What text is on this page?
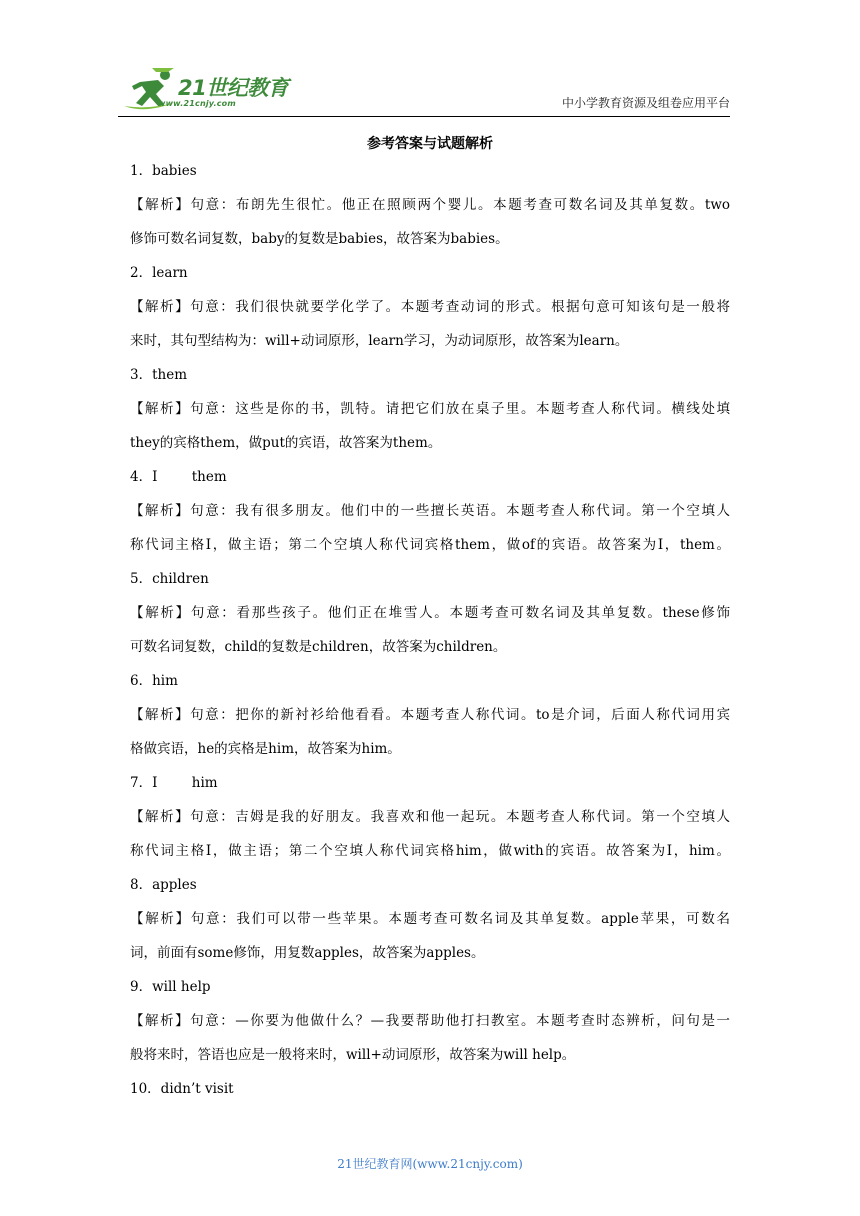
21世纪教育
www.21cnjy.com	中小学教育资源及组卷应用平台
参考答案与试题解析
1．babies
【解析】句意：布朗先生很忙。他正在照顾两个婴儿。本题考查可数名词及其单复数。two
修饰可数名词复数，baby的复数是babies，故答案为babies。
2．learn
【解析】句意：我们很快就要学化学了。本题考查动词的形式。根据句意可知该句是一般将
来时，其句型结构为：will+动词原形，learn学习，为动词原形，故答案为learn。
3．them
【解析】句意：这些是你的书，凯特。请把它们放在桌子里。本题考查人称代词。横线处填
they的宾格them，做put的宾语，故答案为them。
4．I        them
【解析】句意：我有很多朋友。他们中的一些擅长英语。本题考查人称代词。第一个空填人
称代词主格I，做主语；第二个空填人称代词宾格them，做of的宾语。故答案为I，them。
5．children
【解析】句意：看那些孩子。他们正在堆雪人。本题考查可数名词及其单复数。these修饰
可数名词复数，child的复数是children，故答案为children。
6．him
【解析】句意：把你的新衬衫给他看看。本题考查人称代词。to是介词，后面人称代词用宾
格做宾语，he的宾格是him，故答案为him。
7．I        him
【解析】句意：吉姆是我的好朋友。我喜欢和他一起玩。本题考查人称代词。第一个空填人
称代词主格I，做主语；第二个空填人称代词宾格him，做with的宾语。故答案为I，him。
8．apples
【解析】句意：我们可以带一些苹果。本题考查可数名词及其单复数。apple苹果，可数名
词，前面有some修饰，用复数apples，故答案为apples。
9．will help
【解析】句意：—你要为他做什么？—我要帮助他打扫教室。本题考查时态辨析，问句是一
般将来时，答语也应是一般将来时，will+动词原形，故答案为will help。
10．didn’t visit
21世纪教育网(www.21cnjy.com)
